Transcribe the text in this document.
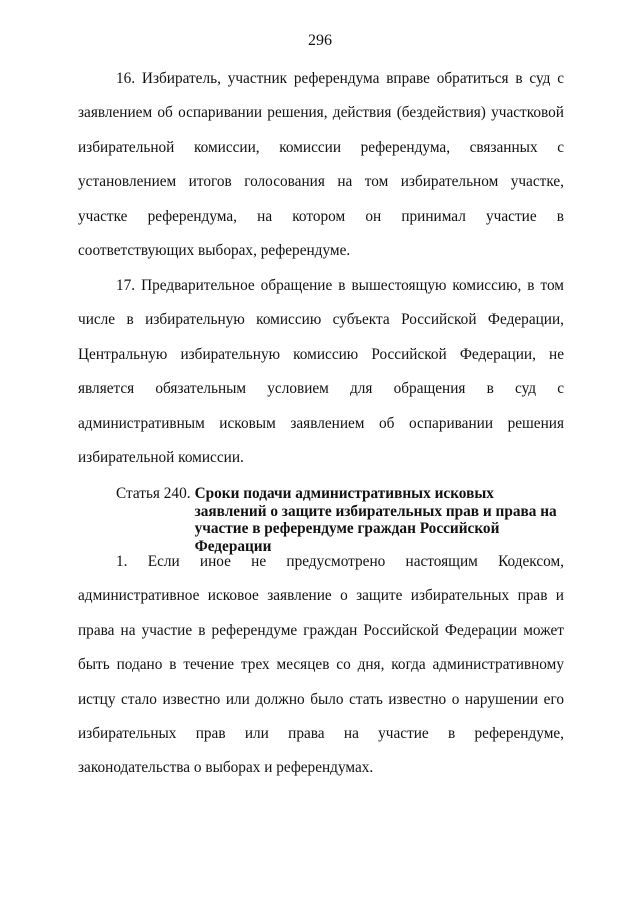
296

16. Избиратель, участник референдума вправе обратиться в суд с заявлением об оспаривании решения, действия (бездействия) участковой избирательной комиссии, комиссии референдума, связанных с установлением итогов голосования на том избирательном участке, участке референдума, на котором он принимал участие в соответствующих выборах, референдуме.

17. Предварительное обращение в вышестоящую комиссию, в том числе в избирательную комиссию субъекта Российской Федерации, Центральную избирательную комиссию Российской Федерации, не является обязательным условием для обращения в суд с административным исковым заявлением об оспаривании решения избирательной комиссии.

Статья 240. Сроки подачи административных исковых заявлений о защите избирательных прав и права на участие в референдуме граждан Российской Федерации

1. Если иное не предусмотрено настоящим Кодексом, административное исковое заявление о защите избирательных прав и права на участие в референдуме граждан Российской Федерации может быть подано в течение трех месяцев со дня, когда административному истцу стало известно или должно было стать известно о нарушении его избирательных прав или права на участие в референдуме, законодательства о выборах и референдумах.
